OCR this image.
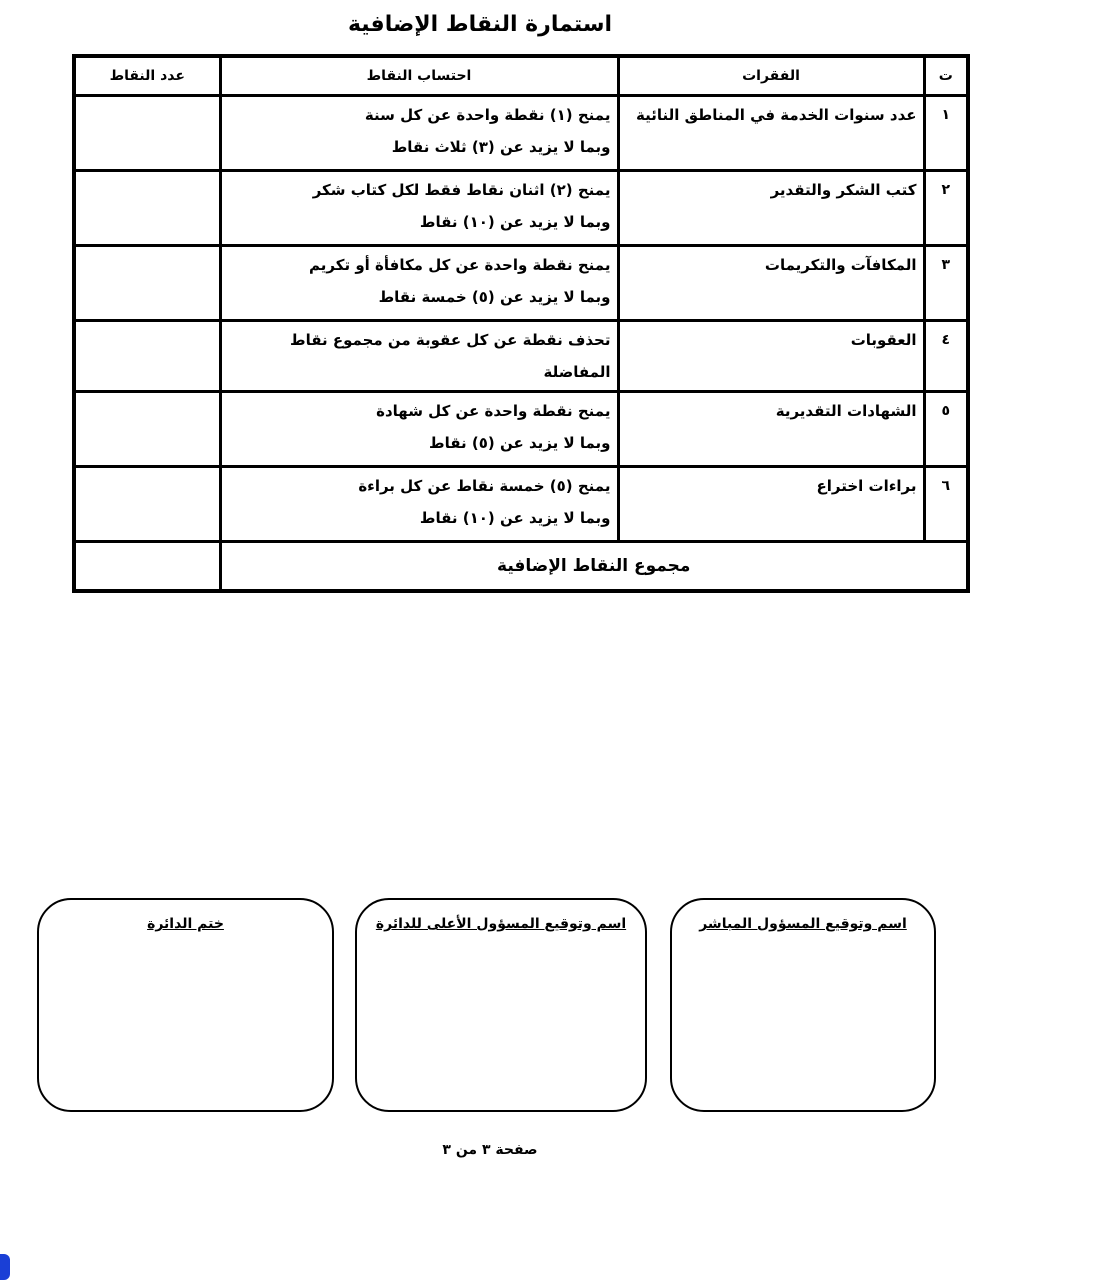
استمارة النقاط الإضافية
ت	الفقرات	احتساب النقاط	عدد النقاط
١	عدد سنوات الخدمة في المناطق النائية	يمنح (١) نقطة واحدة عن كل سنة
وبما لا يزيد عن (٣) ثلاث نقاط	

٢	كتب الشكر والتقدير	يمنح (٢) اثنان نقاط فقط لكل كتاب شكر
وبما لا يزيد عن (١٠) نقاط	

٣	المكافآت والتكريمات	يمنح نقطة واحدة عن كل مكافأة أو تكريم
وبما لا يزيد عن (٥) خمسة نقاط	

٤	العقوبات	تحذف نقطة عن كل عقوبة من مجموع نقاط المفاضلة	

٥	الشهادات التقديرية	يمنح نقطة واحدة عن كل شهادة
وبما لا يزيد عن (٥) نقاط	

٦	براءات اختراع	يمنح (٥) خمسة نقاط عن كل براءة
وبما لا يزيد عن (١٠) نقاط	

مجموع النقاط الإضافية			
اسم وتوقيع المسؤول المباشر
اسم وتوقيع المسؤول الأعلى للدائرة
ختم الدائرة
صفحة ٣ من ٣
